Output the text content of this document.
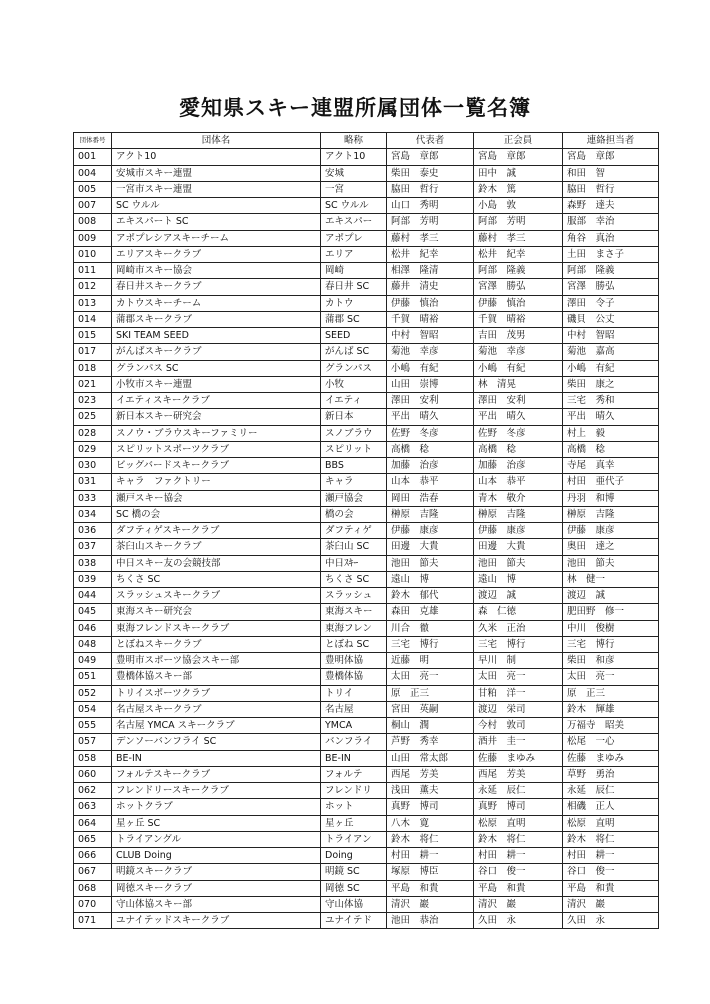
愛知県スキー連盟所属団体一覧名簿
団体番号	団体名	略称	代表者	正会員	連絡担当者
001	アクト10	アクト10	宮島　章郎	宮島　章郎	宮島　章郎
004	安城市スキー連盟	安城	柴田　泰史	田中　誠	和田　智
005	一宮市スキー連盟	一宮	脇田　哲行	鈴木　篤	脇田　哲行
007	SC ウルル	SC ウルル	山口　秀明	小島　敦	森野　達夫
008	エキスパート SC	エキスパー	阿部　芳明	阿部　芳明	服部　幸治
009	アポプレシアスキーチーム	アポプレ	藤村　孝三	藤村　孝三	角谷　真治
010	エリアスキークラブ	エリア	松井　紀幸	松井　紀幸	土田　まさ子
011	岡崎市スキー協会	岡崎	相澤　隆清	阿部　隆義	阿部　隆義
012	春日井スキークラブ	春日井 SC	藤井　清史	宮澤　勝弘	宮澤　勝弘
013	カトウスキーチーム	カトウ	伊藤　慎治	伊藤　慎治	澤田　令子
014	蒲郡スキークラブ	蒲郡 SC	千賀　晴裕	千賀　晴裕	磯貝　公丈
015	SKI TEAM SEED	SEED	中村　智昭	吉田　茂男	中村　智昭
017	がんばスキークラブ	がんば SC	菊池　幸彦	菊池　幸彦	菊池　嘉高
018	グランパス SC	グランパス	小嶋　有紀	小嶋　有紀	小嶋　有紀
021	小牧市スキー連盟	小牧	山田　崇博	林　清晃	柴田　康之
023	イエティスキークラブ	イエティ	澤田　安利	澤田　安利	三宅　秀和
025	新日本スキー研究会	新日本	平出　晴久	平出　晴久	平出　晴久
028	スノウ・ブラウスキーファミリー	スノブラウ	佐野　冬彦	佐野　冬彦	村上　毅
029	スピリットスポーツクラブ	スピリット	高橋　稔	高橋　稔	高橋　稔
030	ビッグバードスキークラブ	BBS	加藤　治彦	加藤　治彦	寺尾　真幸
031	キャラ　ファクトリー	キャラ	山本　恭平	山本　恭平	村田　亜代子
033	瀬戸スキー協会	瀬戸協会	岡田　浩春	青木　敬介	丹羽　和博
034	SC 橋の会	橋の会	榊原　吉隆	榊原　吉隆	榊原　吉隆
036	ダフティゲスキークラブ	ダフティゲ	伊藤　康彦	伊藤　康彦	伊藤　康彦
037	茶臼山スキークラブ	茶臼山 SC	田邊　大貴	田邊　大貴	奥田　達之
038	中日スキー友の会競技部	中日ｽｷｰ	池田　節夫	池田　節夫	池田　節夫
039	ちくさ SC	ちくさ SC	遠山　博	遠山　博	林　健一
044	スラッシュスキークラブ	スラッシュ	鈴木　郁代	渡辺　誠	渡辺　誠
045	東海スキー研究会	東海スキー	森田　克雄	森　仁徳	肥田野　修一
046	東海フレンドスキークラブ	東海フレン	川合　徹	久米　正治	中川　俊樹
048	とぼねスキークラブ	とぼね SC	三宅　博行	三宅　博行	三宅　博行
049	豊明市スポーツ協会スキー部	豊明体協	近藤　明	早川　制	柴田　和彦
051	豊橋体協スキー部	豊橋体協	太田　亮一	太田　亮一	太田　亮一
052	トリイスポーツクラブ	トリイ	原　正三	甘粕　洋一	原　正三
054	名古屋スキークラブ	名古屋	宮田　英嗣	渡辺　栄司	鈴木　輝雄
055	名古屋 YMCA スキークラブ	YMCA	桐山　潤	今村　敦司	万福寺　昭美
057	デンソーバンフライ SC	バンフライ	芦野　秀幸	酒井　圭一	松尾　一心
058	BE-IN	BE-IN	山田　常太郎	佐藤　まゆみ	佐藤　まゆみ
060	フォルテスキークラブ	フォルテ	西尾　芳美	西尾　芳美	草野　勇治
062	フレンドリースキークラブ	フレンドリ	浅田　薫夫	永延　辰仁	永延　辰仁
063	ホットクラブ	ホット	真野　博司	真野　博司	相磯　正人
064	星ヶ丘 SC	星ヶ丘	八木　寛	松原　直明	松原　直明
065	トライアングル	トライアン	鈴木　将仁	鈴木　将仁	鈴木　将仁
066	CLUB Doing	Doing	村田　耕一	村田　耕一	村田　耕一
067	明鏡スキークラブ	明鏡 SC	塚原　博臣	谷口　俊一	谷口　俊一
068	岡徳スキークラブ	岡徳 SC	平島　和貴	平島　和貴	平島　和貴
070	守山体協スキー部	守山体協	清沢　巖	清沢　巖	清沢　巖
071	ユナイテッドスキークラブ	ユナイテド	池田　恭治	久田　永	久田　永
